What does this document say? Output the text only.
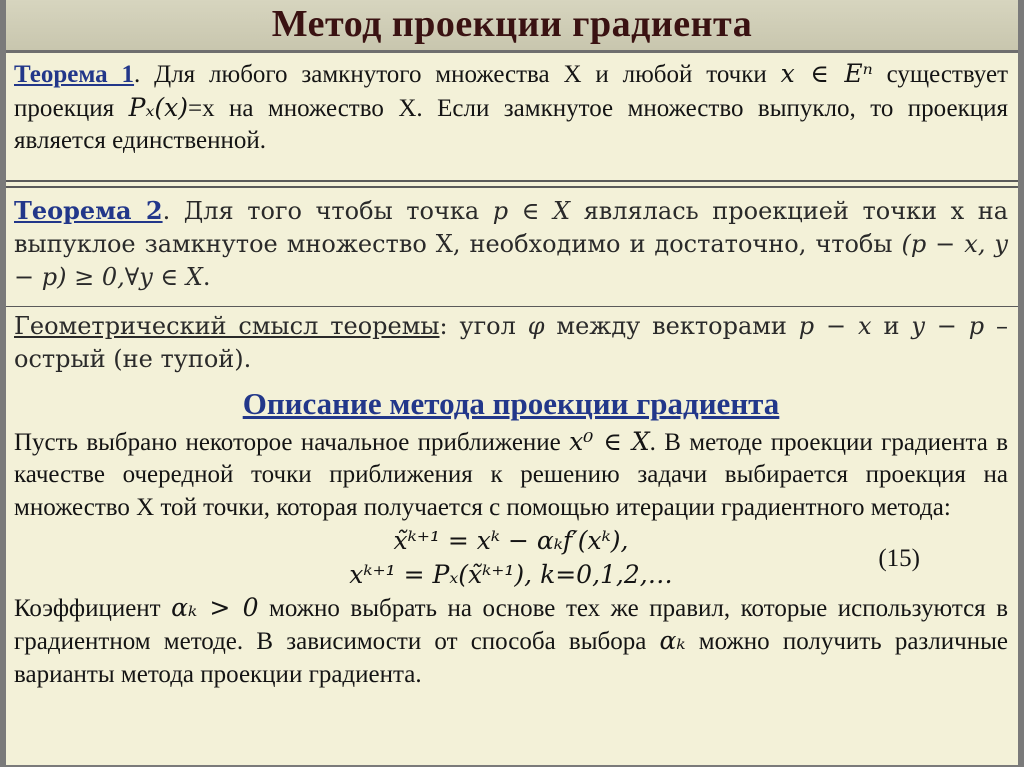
Метод проекции градиента

Теорема 1. Для любого замкнутого множества X и любой точки x ∈ Eⁿ существует проекция Pₓ(x)=x на множество X. Если замкнутое множество выпукло, то проекция является единственной.

Теорема 2. Для того чтобы точка p ∈ X являлась проекцией точки x на выпуклое замкнутое множество X, необходимо и достаточно, чтобы (p − x, y − p) ≥ 0,∀y ∈ X.

Геометрический смысл теоремы: угол φ между векторами p − x и y − p – острый (не тупой).

Описание метода проекции градиента

Пусть выбрано некоторое начальное приближение x⁰ ∈ X. В методе проекции градиента в качестве очередной точки приближения к решению задачи выбирается проекция на множество X той точки, которая получается с помощью итерации градиентного метода:

x̃ᵏ⁺¹ = xᵏ − αₖf′(xᵏ),
xᵏ⁺¹ = Pₓ(x̃ᵏ⁺¹), k=0,1,2,…
(15)

Коэффициент αₖ > 0 можно выбрать на основе тех же правил, которые используются в градиентном методе. В зависимости от способа выбора αₖ можно получить различные варианты метода проекции градиента.
